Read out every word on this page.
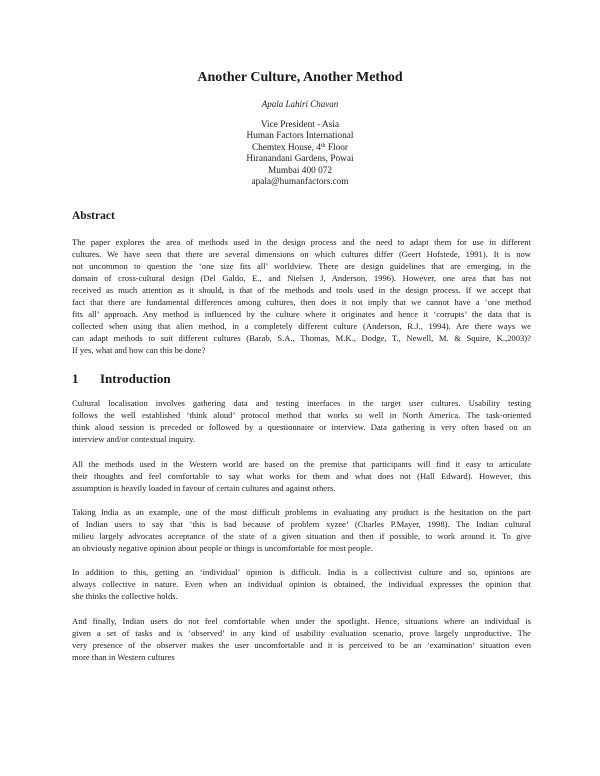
Another Culture, Another Method
Apala Lahiri Chavan
Vice President - Asia
Human Factors International
Chemtex House, 4th Floor
Hiranandani Gardens, Powai
Mumbai 400 072
apala@humanfactors.com
Abstract
The paper explores the area of methods used in the design process and the need to adapt them for use in different
cultures. We have seen that there are several dimensions on which cultures differ (Geert Hofstede, 1991). It is now
not uncommon to question the ‘one size fits all’ worldview. There are design guidelines that are emerging, in the
domain of cross-cultural design (Del Galdo, E., and Nielsen J, Anderson, 1996). However, one area that has not
received as much attention as it should, is that of the methods and tools used in the design process. If we accept that
fact that there are fundamental differences among cultures, then does it not imply that we cannot have a ‘one method
fits all’ approach. Any method is influenced by the culture where it originates and hence it ‘corrupts’ the data that is
collected when using that alien method, in a completely different culture (Anderson, R.J., 1994). Are there ways we
can adapt methods to suit different cultures (Barab, S.A., Thomas, M.K., Dodge, T., Newell, M. & Squire, K.,2003)?
If yes, what and how can this be done?
1 Introduction
Cultural localisation involves gathering data and testing interfaces in the target user cultures. Usability testing
follows the well established ‘think aloud’ protocol method that works so well in North America. The task-oriented
think aloud session is preceded or followed by a questionnaire or interview. Data gathering is very often based on an
interview and/or contextual inquiry.
All the methods used in the Western world are based on the premise that participants will find it easy to articulate
their thoughts and feel comfortable to say what works for them and what does not (Hall Edward). However, this
assumption is heavily loaded in favour of certain cultures and against others.
Taking India as an example, one of the most difficult problems in evaluating any product is the hesitation on the part
of Indian users to say that ‘this is bad because of problem xyzee’ (Charles P.Mayer, 1998). The Indian cultural
milieu largely advocates acceptance of the state of a given situation and then if possible, to work around it. To give
an obviously negative opinion about people or things is uncomfortable for most people.
In addition to this, getting an ‘individual’ opinion is difficult. India is a collectivist culture and so, opinions are
always collective in nature. Even when an individual opinion is obtained, the individual expresses the opinion that
she thinks the collective holds.
And finally, Indian users do not feel comfortable when under the spotlight. Hence, situations where an individual is
given a set of tasks and is ‘observed’ in any kind of usability evaluation scenario, prove largely unproductive. The
very presence of the observer makes the user uncomfortable and it is perceived to be an ‘examination’ situation even
more than in Western cultures
